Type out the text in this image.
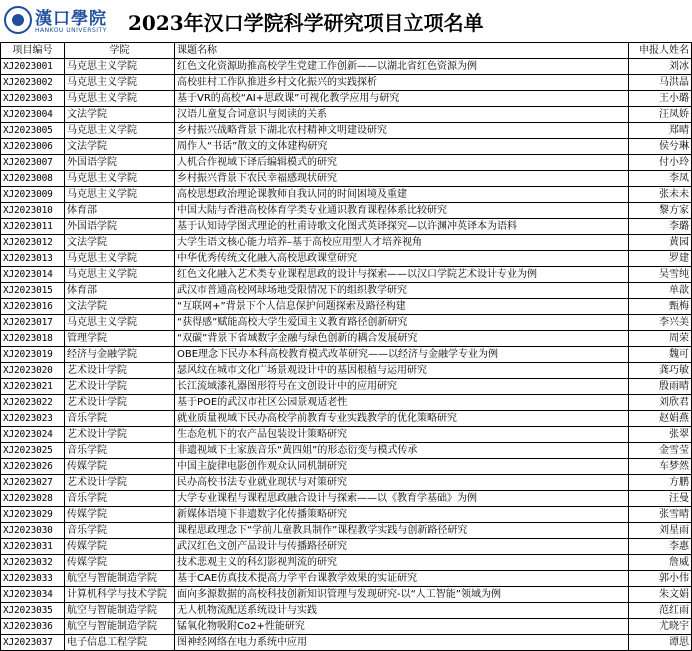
漢口學院
HANKOU UNIVERSITY 2023年汉口学院科学研究项目立项名单
项目编号	学院	课题名称	申报人姓名
XJ2023001	马克思主义学院	红色文化资源助推高校学生党建工作创新——以湖北省红色资源为例	刘冰
XJ2023002	马克思主义学院	高校驻村工作队推进乡村文化振兴的实践探析	马洪晶
XJ2023003	马克思主义学院	基于VR的高校“AI+思政课”可视化教学应用与研究	王小璐
XJ2023004	文法学院	汉语儿童复合词意识与阅读的关系	汪凤娇
XJ2023005	马克思主义学院	乡村振兴战略背景下湖北农村精神文明建设研究	郑晴
XJ2023006	文法学院	周作人“书话”散文的文体建构研究	侯兮琳
XJ2023007	外国语学院	人机合作视域下译后编辑模式的研究	付小玲
XJ2023008	马克思主义学院	乡村振兴背景下农民幸福感现状研究	李凤
XJ2023009	马克思主义学院	高校思想政治理论课教师自我认同的时间困境及重建	张未未
XJ2023010	体育部	中国大陆与香港高校体育学类专业通识教育课程体系比较研究	黎方家
XJ2023011	外国语学院	基于认知诗学图式理论的杜甫诗歌文化图式英译探究—以许渊冲英译本为语料	李璐
XJ2023012	文法学院	大学生语文核心能力培养–基于高校应用型人才培养视角	黄园
XJ2023013	马克思主义学院	中华优秀传统文化融入高校思政课堂研究	罗建
XJ2023014	马克思主义学院	红色文化融入艺术类专业课程思政的设计与探索——以汉口学院艺术设计专业为例	吴雪纯
XJ2023015	体育部	武汉市普通高校网球场地受限情况下的组织教学研究	单歆
XJ2023016	文法学院	“互联网+”背景下个人信息保护问题探索及路径构建	甄梅
XJ2023017	马克思主义学院	“获得感”赋能高校大学生爱国主义教育路径创新研究	李兴美
XJ2023018	管理学院	“双碳”背景下省域数字金融与绿色创新的耦合发展研究	周荣
XJ2023019	经济与金融学院	OBE理念下民办本科高校教育模式改革研究——以经济与金融学专业为例	魏可
XJ2023020	艺术设计学院	瑟风纹在城市文化广场景观设计中的基因根植与运用研究	龚巧敏
XJ2023021	艺术设计学院	长江流域漆礼器图形符号在文创设计中的应用研究	殷雨晴
XJ2023022	艺术设计学院	基于POE的武汉市社区公园景观适老性	刘欣君
XJ2023023	音乐学院	就业质量视域下民办高校学前教育专业实践教学的优化策略研究	赵娟燕
XJ2023024	艺术设计学院	生态危机下的农产品包装设计策略研究	张翠
XJ2023025	音乐学院	非遗视域下土家族音乐“黄四姐”的形态衍变与模式传承	金雪莹
XJ2023026	传媒学院	中国主旋律电影创作观众认同机制研究	车梦然
XJ2023027	艺术设计学院	民办高校书法专业就业现状与对策研究	方鹏
XJ2023028	音乐学院	大学专业课程与课程思政融合设计与探索——以《教育学基础》为例	汪曼
XJ2023029	传媒学院	新媒体语境下非遗数字化传播策略研究	张雪晴
XJ2023030	音乐学院	课程思政理念下“学前儿童教具制作”课程教学实践与创新路径研究	刘星雨
XJ2023031	传媒学院	武汉红色文创产品设计与传播路径研究	李惠
XJ2023032	传媒学院	技术悲观主义的科幻影视判流的研究	詹威
XJ2023033	航空与智能制造学院	基于CAE仿真技术提高力学平台课教学效果的实证研究	郭小伟
XJ2023034	计算机科学与技术学院	面向多源数据的高校科技创新知识管理与发现研究-以“人工智能”领域为例	朱文娟
XJ2023035	航空与智能制造学院	无人机物流配送系统设计与实践	范红雨
XJ2023036	航空与智能制造学院	锰氧化物吸附Co2+性能研究	尤晓宇
XJ2023037	电子信息工程学院	图神经网络在电力系统中应用	谭思
